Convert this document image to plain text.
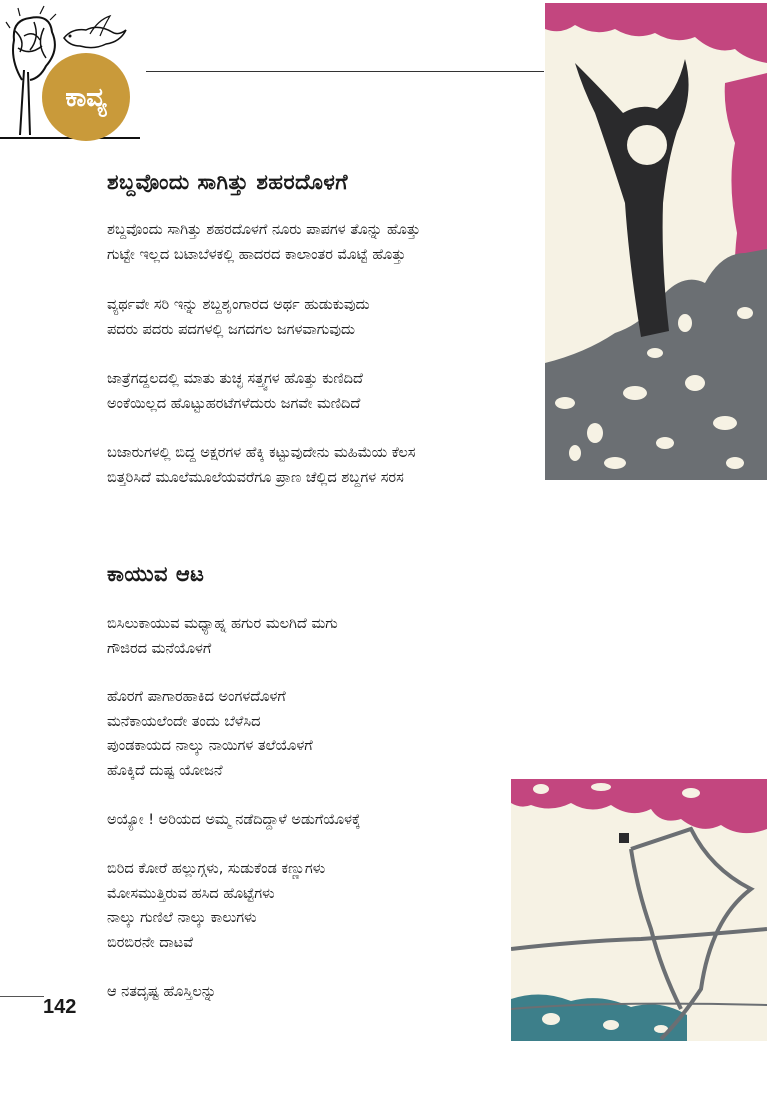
ಕಾವ್ಯ
ಶಬ್ದವೊಂದು ಸಾಗಿತ್ತು ಶಹರದೊಳಗೆ
ಶಬ್ದವೊಂದು ಸಾಗಿತ್ತು ಶಹರದೊಳಗೆ ನೂರು ಪಾಪಗಳ ತೊನ್ನು ಹೊತ್ತು
ಗುಟ್ಟೇ ಇಲ್ಲದ ಬಟಾಬೆಳಕಲ್ಲಿ ಹಾದರದ ಕಾಲಾಂತರ ಮೊಟ್ಟೆ ಹೊತ್ತು
ವ್ಯರ್ಥವೇ ಸರಿ ಇನ್ನು ಶಬ್ದಶೃಂಗಾರದ ಅರ್ಥ ಹುಡುಕುವುದು
ಪದರು ಪದರು ಪದಗಳಲ್ಲಿ ಜಗದಗಲ ಜಗಳವಾಗುವುದು
ಜಾತ್ರೆಗದ್ದಲದಲ್ಲಿ ಮಾತು ತುಚ್ಛ ಸತ್ತ್ವಗಳ ಹೊತ್ತು ಕುಣಿದಿದೆ
ಅಂಕೆಯಿಲ್ಲದ ಹೊಟ್ಟುಹರಟೆಗಳೆದುರು ಜಗವೇ ಮಣಿದಿದೆ
ಬಜಾರುಗಳಲ್ಲಿ ಬಿದ್ದ ಅಕ್ಷರಗಳ ಹೆಕ್ಕಿ ಕಟ್ಟುವುದೇನು ಮಹಿಮೆಯ ಕೆಲಸ
ಬಿತ್ತರಿಸಿದೆ ಮೂಲೆಮೂಲೆಯವರೆಗೂ ಪ್ರಾಣ ಚೆಲ್ಲಿದ ಶಬ್ದಗಳ ಸರಸ
ಕಾಯುವ ಆಟ
ಬಿಸಿಲುಕಾಯುವ ಮಧ್ಯಾಹ್ನ ಹಗುರ ಮಲಗಿದೆ ಮಗು
ಗೌಜಿರದ ಮನೆಯೊಳಗೆ
ಹೊರಗೆ ಪಾಗಾರಹಾಕಿದ ಅಂಗಳದೊಳಗೆ
ಮನೆಕಾಯಲೆಂದೇ ತಂದು ಬೆಳೆಸಿದ
ಪುಂಡಕಾಯದ ನಾಲ್ಕು ನಾಯಿಗಳ ತಲೆಯೊಳಗೆ
ಹೊಕ್ಕಿದೆ ದುಷ್ಟ ಯೋಜನೆ
ಅಯ್ಯೋ ! ಅರಿಯದ ಅಮ್ಮ ನಡೆದಿದ್ದಾಳೆ ಅಡುಗೆಯೊಳಕ್ಕೆ
ಬಿರಿದ ಕೋರೆ ಹಲ್ಲುಗ್ಗಳು, ಸುಡುಕೆಂಡ ಕಣ್ಣುಗಳು
ಮೋಸಮುತ್ತಿರುವ ಹಸಿದ ಹೊಟ್ಟೆಗಳು
ನಾಲ್ಕು ಗುಣಿಲೆ ನಾಲ್ಕು ಕಾಲುಗಳು
ಬಿರಬಿರನೇ ದಾಟವೆ
ಆ ನತದೃಷ್ಟ ಹೊಸ್ತಿಲನ್ನು
142
